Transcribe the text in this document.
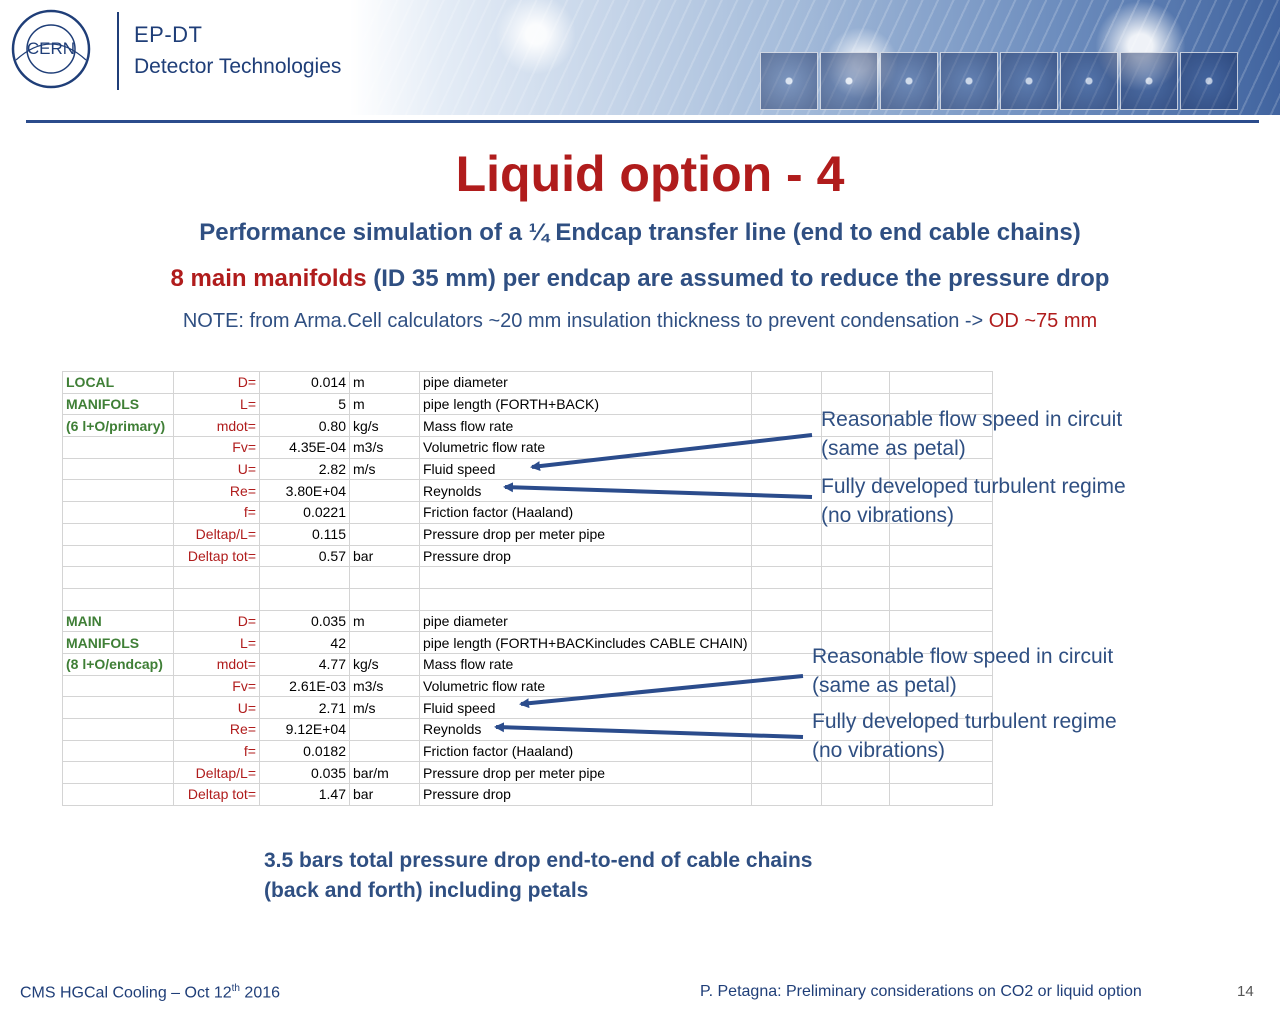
CERN
EP-DT
Detector Technologies
Liquid option - 4
Performance simulation of a ¼ Endcap transfer line (end to end cable chains)
8 main manifolds (ID 35 mm) per endcap are assumed to reduce the pressure drop
NOTE: from Arma.Cell calculators ~20 mm insulation thickness to prevent condensation -> OD ~75 mm
LOCAL	D=	0.014	m	pipe diameter			
MANIFOLS	L=	5	m	pipe length (FORTH+BACK)			
(6 l+O/primary)	mdot=	0.80	kg/s	Mass flow rate			
	Fv=	4.35E-04	m3/s	Volumetric flow rate			
	U=	2.82	m/s	Fluid speed			
	Re=	3.80E+04		Reynolds			
	f=	0.0221		Friction factor (Haaland)			
	Deltap/L=	0.115		Pressure drop per meter pipe			
	Deltap tot=	0.57	bar	Pressure drop			

MAIN	D=	0.035	m	pipe diameter			
MANIFOLS	L=	42		pipe length (FORTH+BACKincludes CABLE CHAIN)			
(8 l+O/endcap)	mdot=	4.77	kg/s	Mass flow rate			
	Fv=	2.61E-03	m3/s	Volumetric flow rate			
	U=	2.71	m/s	Fluid speed			
	Re=	9.12E+04		Reynolds			
	f=	0.0182		Friction factor (Haaland)			
	Deltap/L=	0.035	bar/m	Pressure drop per meter pipe			
	Deltap tot=	1.47	bar	Pressure drop			
Reasonable flow speed in circuit
(same as petal)
Fully developed turbulent regime
(no vibrations)
Reasonable flow speed in circuit
(same as petal)
Fully developed turbulent regime
(no vibrations)
3.5 bars total pressure drop end-to-end of cable chains (back and forth) including petals
CMS HGCal Cooling – Oct 12th 2016	P. Petagna: Preliminary considerations on CO2 or liquid option	14
